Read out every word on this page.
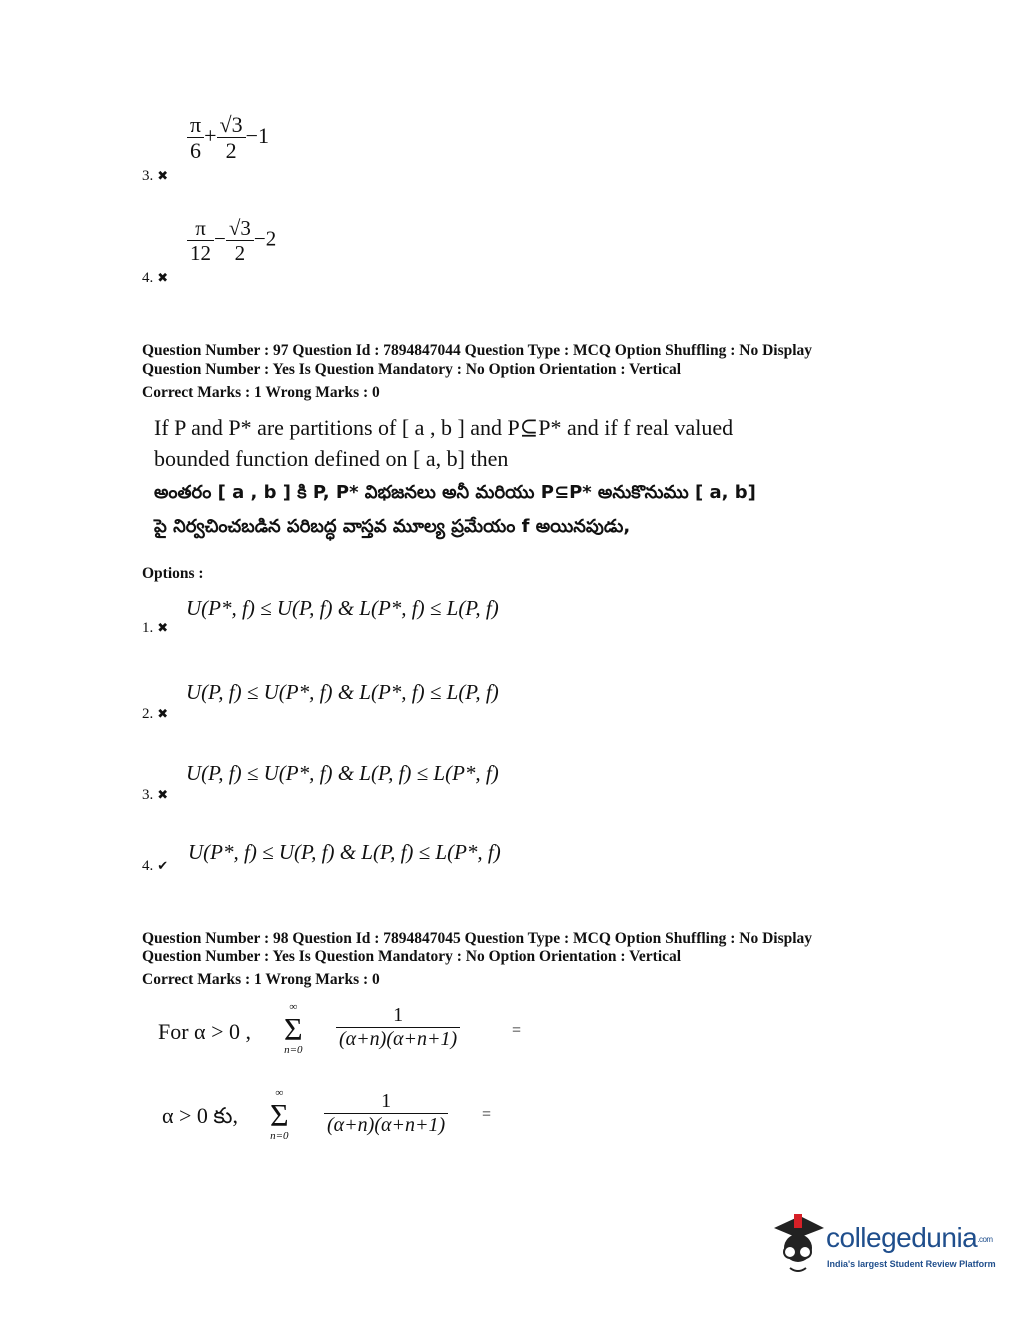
3. ✖
$\frac{\pi}{6} + \frac{√3}{2} -1$
4. ✖
$\frac{\pi}{12} - \frac{√3}{2} -2$
Question Number : 97 Question Id : 7894847044 Question Type : MCQ Option Shuffling : No Display
Question Number : Yes Is Question Mandatory : No Option Orientation : Vertical
Correct Marks : 1 Wrong Marks : 0
If P and P* are partitions of [ a , b ] and P⊆P* and if f real valued
bounded function defined on [ a, b] then
అంతరం [ a , b ] కి P, P* విభజనలు అనీ మరియు P⊆P* అనుకొనుము [ a, b]
పై నిర్వచించబడిన పరిబద్ధ వాస్తవ మూల్య ప్రమేయం f అయినపుడు,
Options :
1. ✖
U(P*, f) ≤ U(P, f) & L(P*, f) ≤ L(P, f)
2. ✖
U(P, f) ≤ U(P*, f) & L(P*, f) ≤ L(P, f)
3. ✖
U(P, f) ≤ U(P*, f) & L(P, f) ≤ L(P*, f)
4. ✔
U(P*, f) ≤ U(P, f) & L(P, f) ≤ L(P*, f)
Question Number : 98 Question Id : 7894847045 Question Type : MCQ Option Shuffling : No Display
Question Number : Yes Is Question Mandatory : No Option Orientation : Vertical
Correct Marks : 1 Wrong Marks : 0
For α > 0 ,
∞
Σ
$n=0 \frac{1}{(\alpha+n)(\alpha+n+1)}$	=
α > 0 కు,
∞
Σ
$n=0 \frac{1}{(\alpha+n)(\alpha+n+1)}$ =
collegedunia.com
India's largest Student Review Platform
